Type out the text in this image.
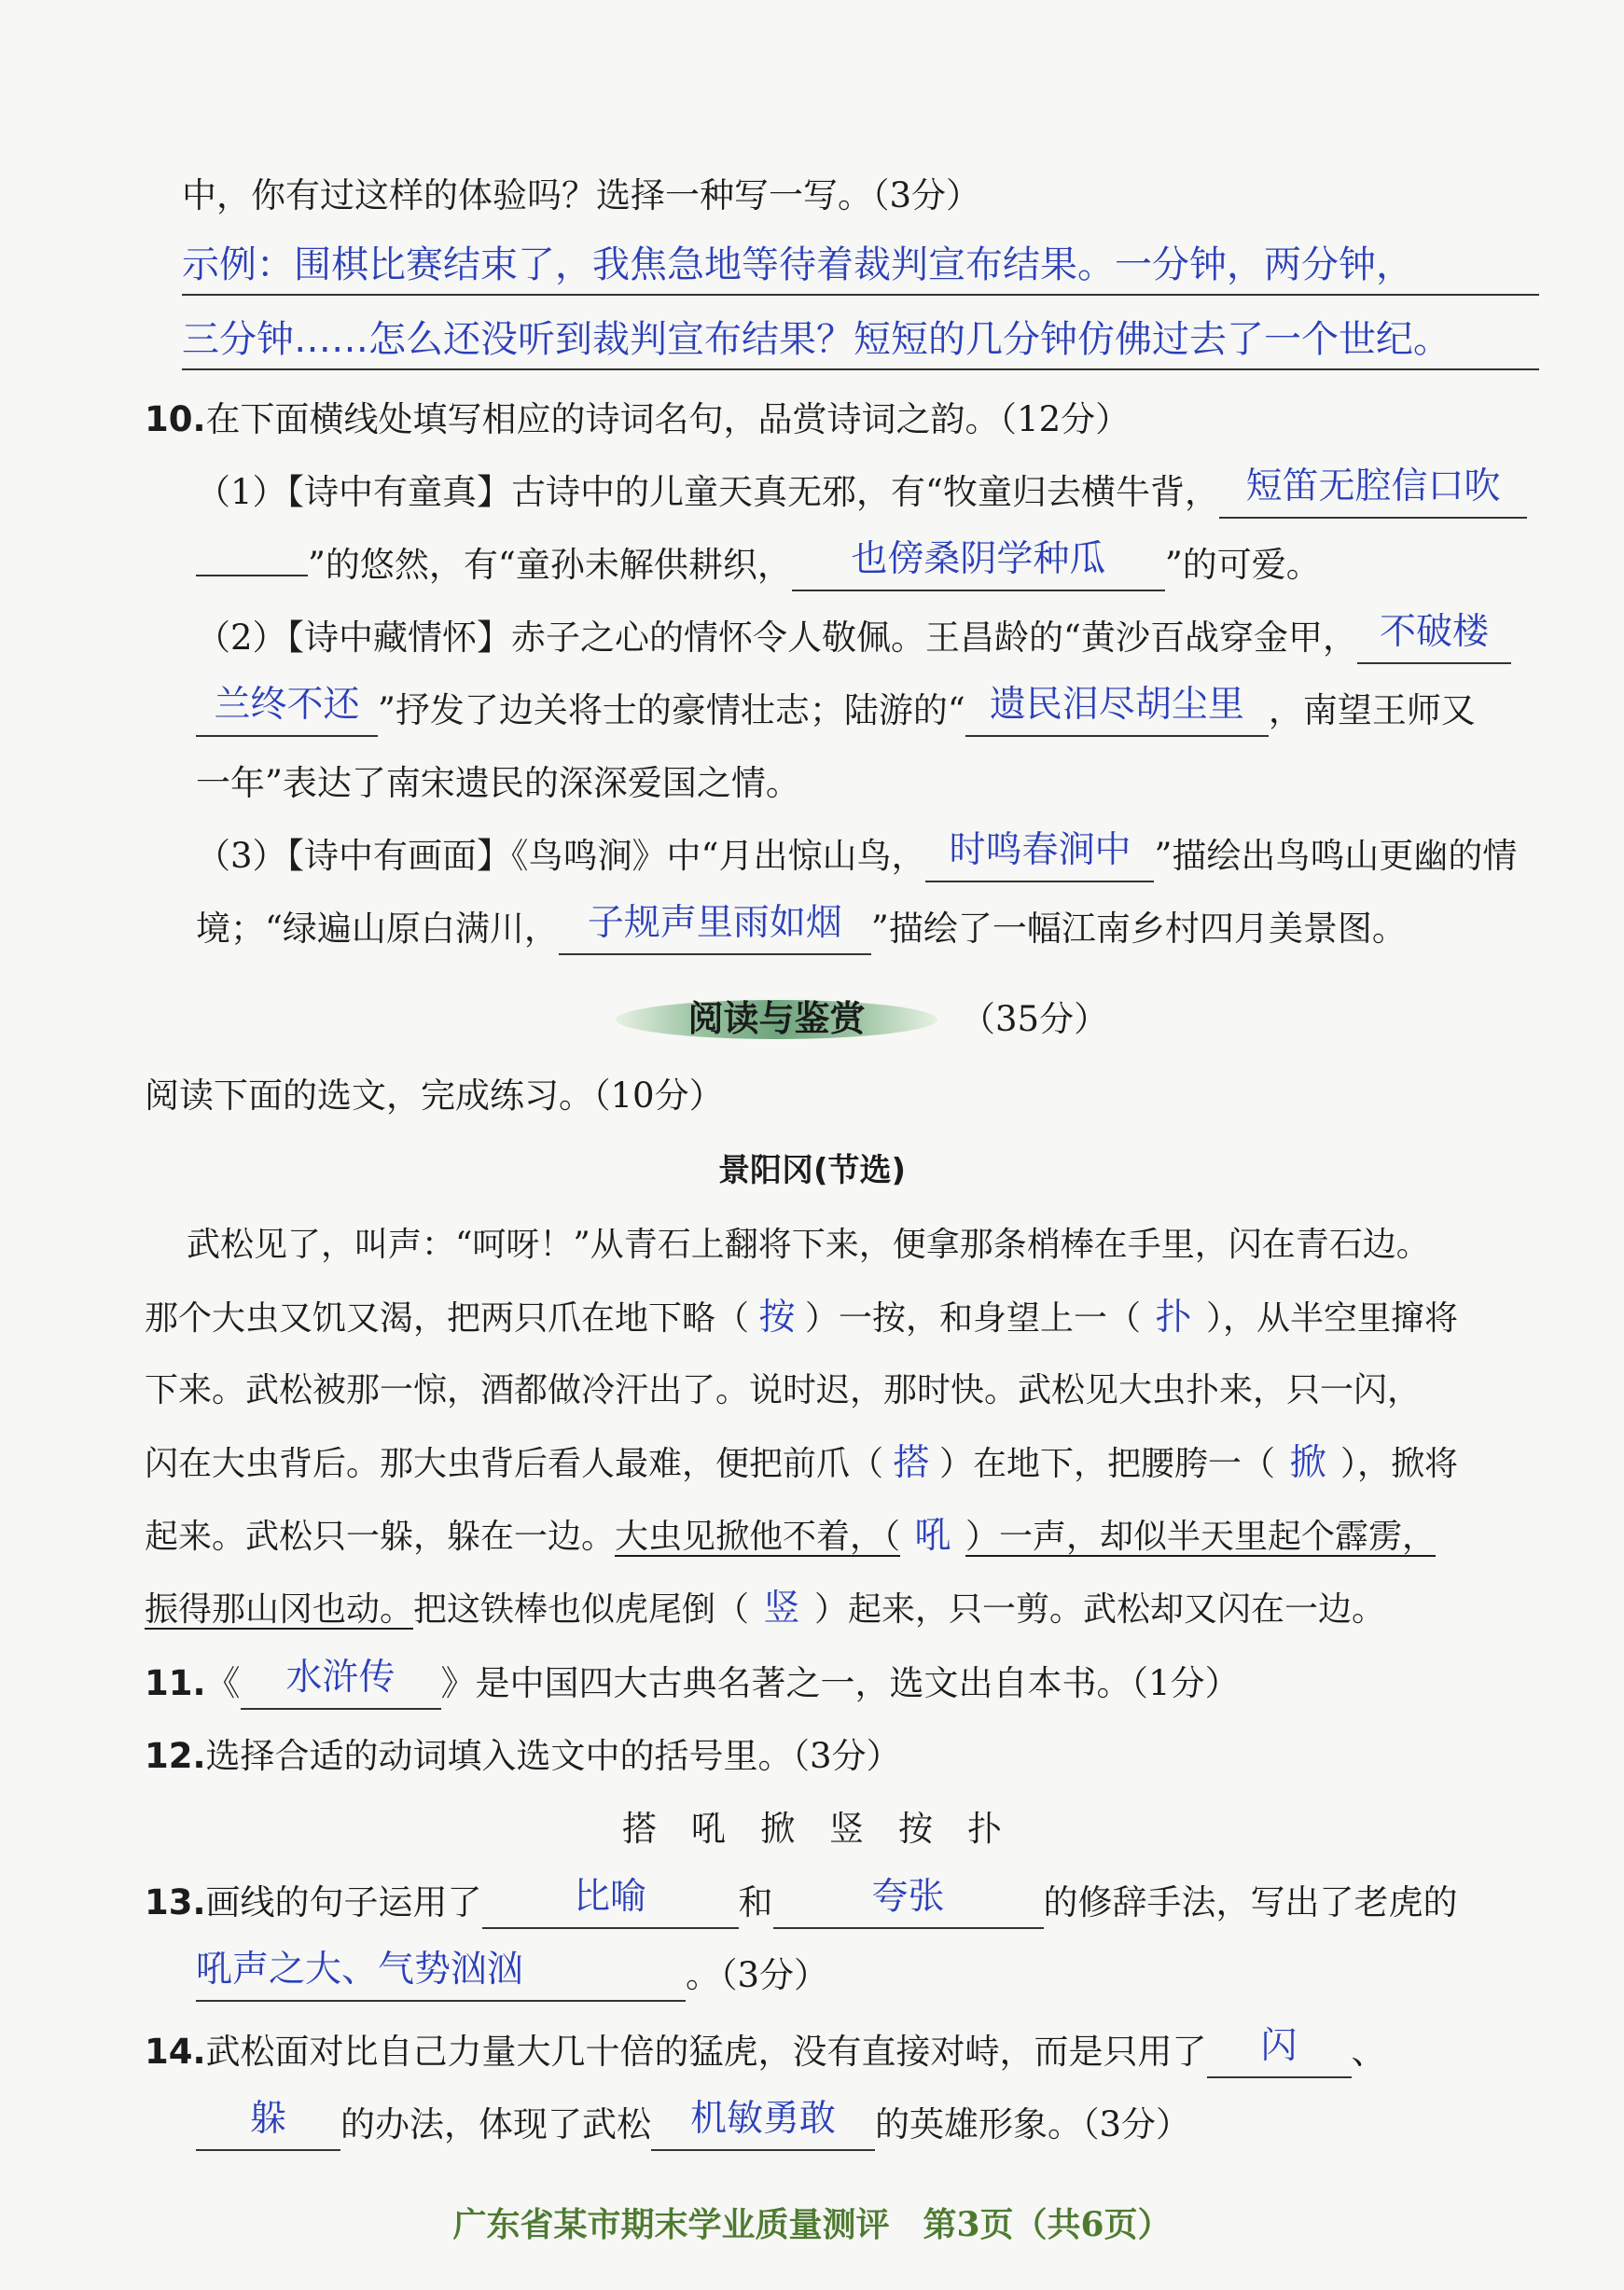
中，你有过这样的体验吗？选择一种写一写。（3分）
示例：围棋比赛结束了，我焦急地等待着裁判宣布结果。一分钟，两分钟，
三分钟……怎么还没听到裁判宣布结果？短短的几分钟仿佛过去了一个世纪。
10.在下面横线处填写相应的诗词名句，品赏诗词之韵。（12分）
（1）【诗中有童真】古诗中的儿童天真无邪，有“牧童归去横牛背， 短笛无腔信口吹
”的悠然，有“童孙未解供耕织， 也傍桑阴学种瓜 ”的可爱。
（2）【诗中藏情怀】赤子之心的情怀令人敬佩。王昌龄的“黄沙百战穿金甲， 不破楼
兰终不还 ”抒发了边关将士的豪情壮志；陆游的“ 遗民泪尽胡尘里 ，南望王师又
一年”表达了南宋遗民的深深爱国之情。
（3）【诗中有画面】《鸟鸣涧》中“月出惊山鸟， 时鸣春涧中 ”描绘出鸟鸣山更幽的情
境；“绿遍山原白满川， 子规声里雨如烟 ”描绘了一幅江南乡村四月美景图。
阅读与鉴赏	（35分）
阅读下面的选文，完成练习。（10分）
景阳冈(节选)
武松见了，叫声：“呵呀！”从青石上翻将下来，便拿那条梢棒在手里，闪在青石边。
那个大虫又饥又渴，把两只爪在地下略（ 按 ）一按，和身望上一（ 扑 ），从半空里撺将
下来。武松被那一惊，酒都做冷汗出了。说时迟，那时快。武松见大虫扑来，只一闪，
闪在大虫背后。那大虫背后看人最难，便把前爪（ 搭 ）在地下，把腰胯一（ 掀 ），掀将
起来。武松只一躲，躲在一边。大虫见掀他不着，（ 吼 ）一声，却似半天里起个霹雳，
振得那山冈也动。把这铁棒也似虎尾倒（ 竖 ）起来，只一剪。武松却又闪在一边。
11.《 水浒传 》是中国四大古典名著之一，选文出自本书。（1分）
12.选择合适的动词填入选文中的括号里。（3分）
搭　吼　掀　竖　按　扑
13.画线的句子运用了	比喻	和	夸张	的修辞手法，写出了老虎的
吼声之大、气势汹汹	。（3分）
14.武松面对比自己力量大几十倍的猛虎，没有直接对峙，而是只用了 闪 、
躲 的办法，体现了武松 机敏勇敢 的英雄形象。（3分）
广东省某市期末学业质量测评　第3页（共6页）
